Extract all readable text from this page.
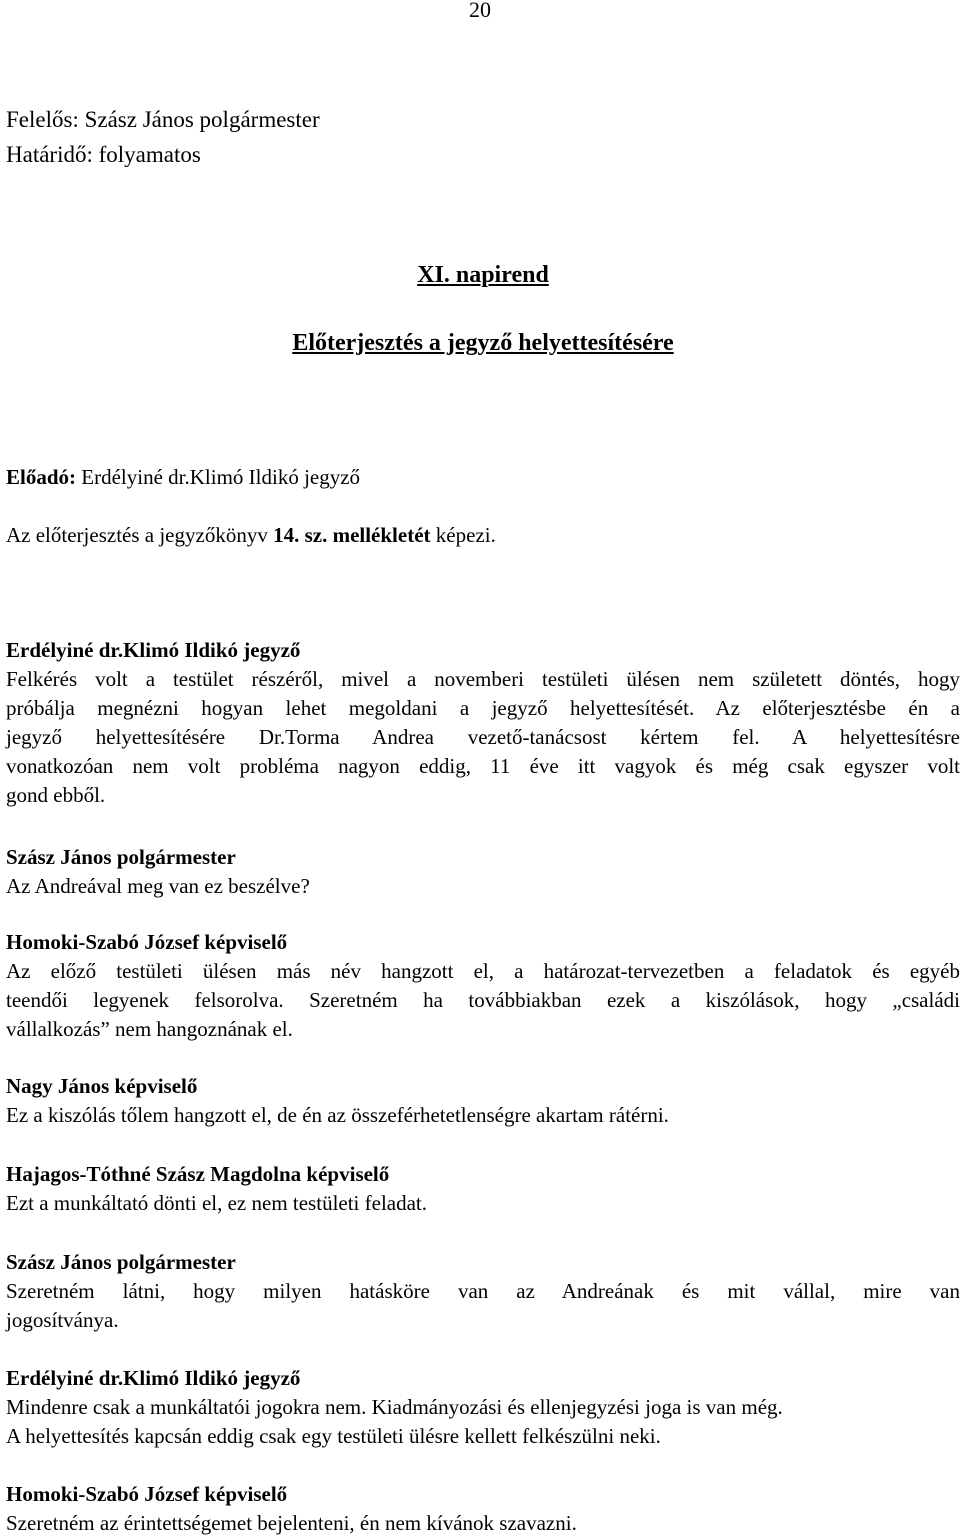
20
Felelős: Szász János polgármester
Határidő: folyamatos
XI. napirend
Előterjesztés a jegyző helyettesítésére
Előadó: Erdélyiné dr.Klimó Ildikó jegyző
Az előterjesztés a jegyzőkönyv 14. sz. mellékletét képezi.
Erdélyiné dr.Klimó Ildikó jegyző
Felkérés volt a testület részéről, mivel a novemberi testületi ülésen nem született döntés, hogy
próbálja megnézni hogyan lehet megoldani a jegyző helyettesítését. Az előterjesztésbe én a
jegyző helyettesítésére Dr.Torma Andrea vezető-tanácsost kértem fel. A helyettesítésre
vonatkozóan nem volt probléma nagyon eddig, 11 éve itt vagyok és még csak egyszer volt
gond ebből.
Szász János polgármester
Az Andreával meg van ez beszélve?
Homoki-Szabó József képviselő
Az előző testületi ülésen más név hangzott el, a határozat-tervezetben a feladatok és egyéb
teendői legyenek felsorolva. Szeretném ha továbbiakban ezek a kiszólások, hogy „családi
vállalkozás” nem hangoznának el.
Nagy János képviselő
Ez a kiszólás tőlem hangzott el, de én az összeférhetetlenségre akartam rátérni.
Hajagos-Tóthné Szász Magdolna képviselő
Ezt a munkáltató dönti el, ez nem testületi feladat.
Szász János polgármester
Szeretném látni, hogy milyen hatásköre van az Andreának és mit vállal, mire van
jogosítványa.
Erdélyiné dr.Klimó Ildikó jegyző
Mindenre csak a munkáltatói jogokra nem. Kiadmányozási és ellenjegyzési joga is van még.
A helyettesítés kapcsán eddig csak egy testületi ülésre kellett felkészülni neki.
Homoki-Szabó József képviselő
Szeretném az érintettségemet bejelenteni, én nem kívánok szavazni.
